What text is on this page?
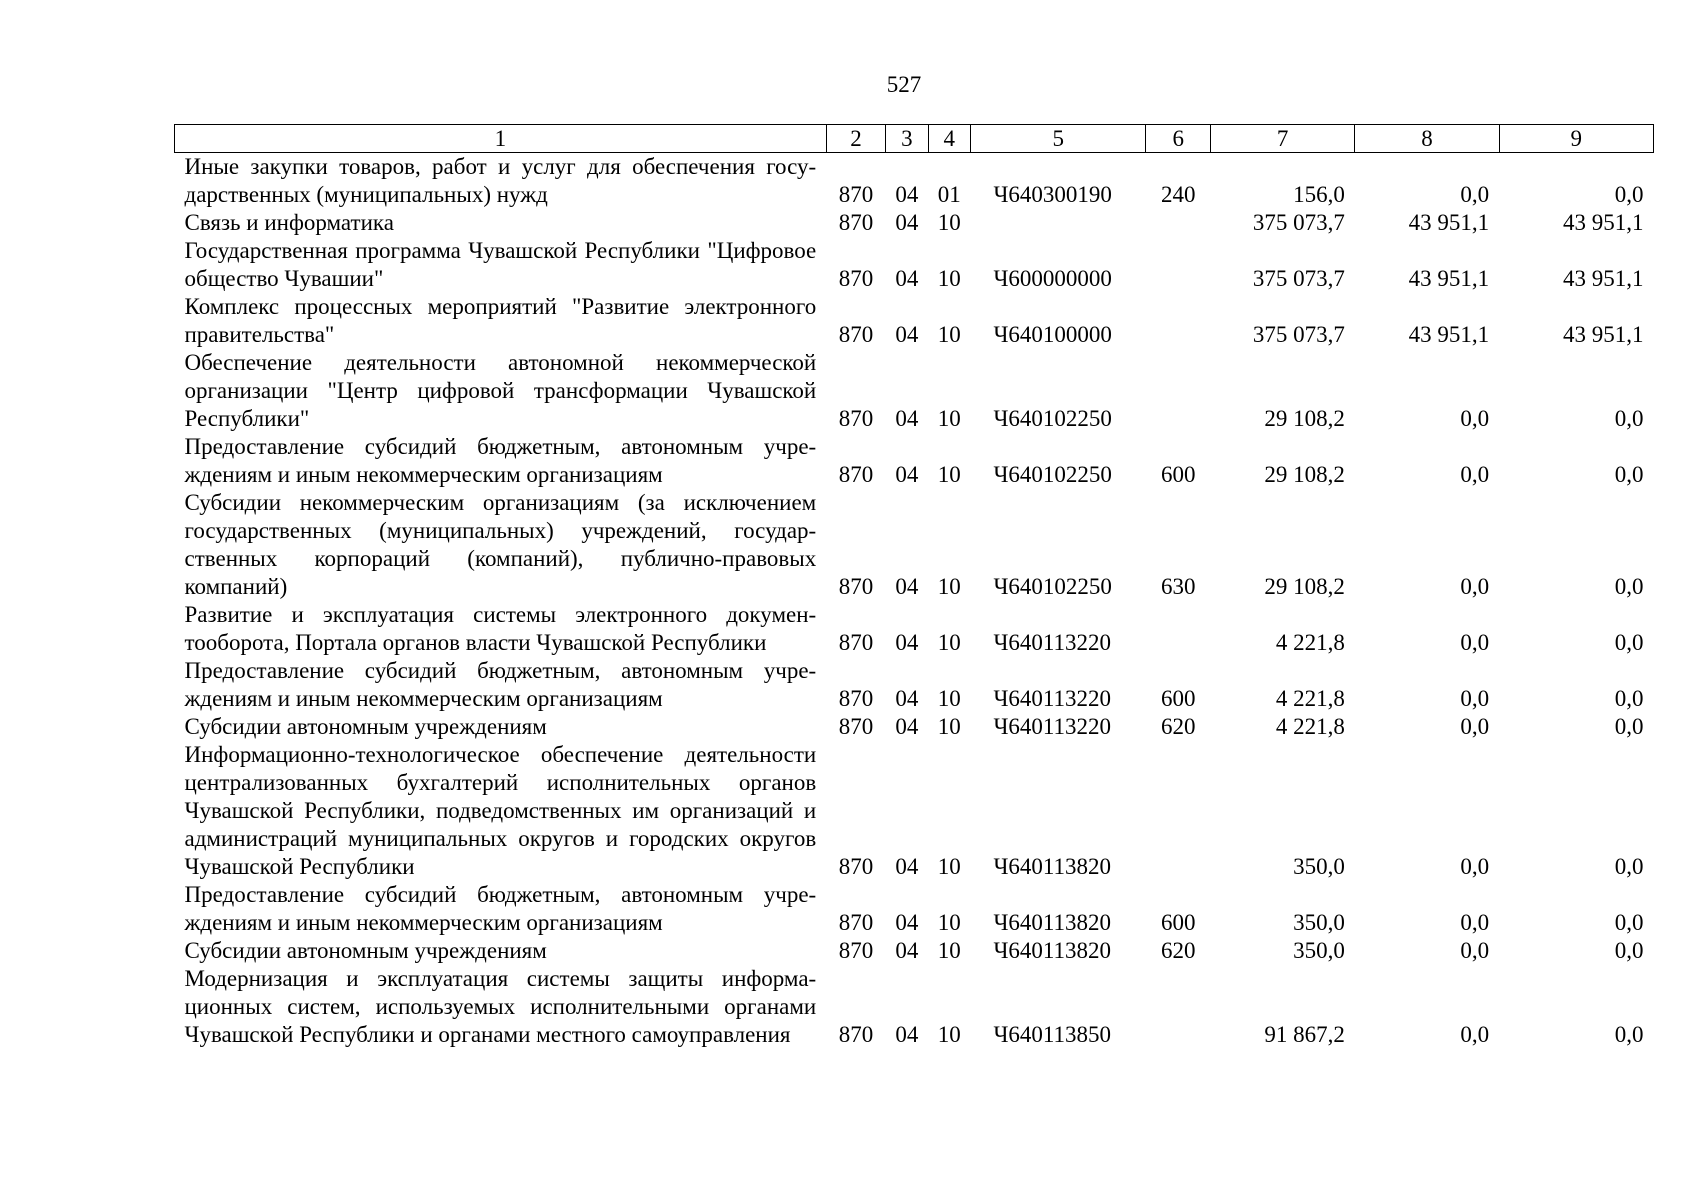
527
1	2	3	4	5	6	7	8	9
Иные закупки товаров, работ и услуг для обеспечения государственных (муниципальных) нужд	870	04	01	Ч640300190	240	156,0	0,0	0,0
Связь и информатика	870	04	10			375 073,7	43 951,1	43 951,1
Государственная программа Чувашской Республики "Цифровое общество Чувашии"	870	04	10	Ч600000000		375 073,7	43 951,1	43 951,1
Комплекс процессных мероприятий "Развитие электронного правительства"	870	04	10	Ч640100000		375 073,7	43 951,1	43 951,1
Обеспечение деятельности автономной некоммерческой организации "Центр цифровой трансформации Чувашской Республики"	870	04	10	Ч640102250		29 108,2	0,0	0,0
Предоставление субсидий бюджетным, автономным учреждениям и иным некоммерческим организациям	870	04	10	Ч640102250	600	29 108,2	0,0	0,0
Субсидии некоммерческим организациям (за исключением государственных (муниципальных) учреждений, государственных корпораций (компаний), публично-правовых компаний)	870	04	10	Ч640102250	630	29 108,2	0,0	0,0
Развитие и эксплуатация системы электронного документооборота, Портала органов власти Чувашской Республики	870	04	10	Ч640113220		4 221,8	0,0	0,0
Предоставление субсидий бюджетным, автономным учреждениям и иным некоммерческим организациям	870	04	10	Ч640113220	600	4 221,8	0,0	0,0
Субсидии автономным учреждениям	870	04	10	Ч640113220	620	4 221,8	0,0	0,0
Информационно-технологическое обеспечение деятельности централизованных бухгалтерий исполнительных органов Чувашской Республики, подведомственных им организаций и администраций муниципальных округов и городских округов Чувашской Республики	870	04	10	Ч640113820		350,0	0,0	0,0
Предоставление субсидий бюджетным, автономным учреждениям и иным некоммерческим организациям	870	04	10	Ч640113820	600	350,0	0,0	0,0
Субсидии автономным учреждениям	870	04	10	Ч640113820	620	350,0	0,0	0,0
Модернизация и эксплуатация системы защиты информационных систем, используемых исполнительными органами Чувашской Республики и органами местного самоуправления	870	04	10	Ч640113850		91 867,2	0,0	0,0
